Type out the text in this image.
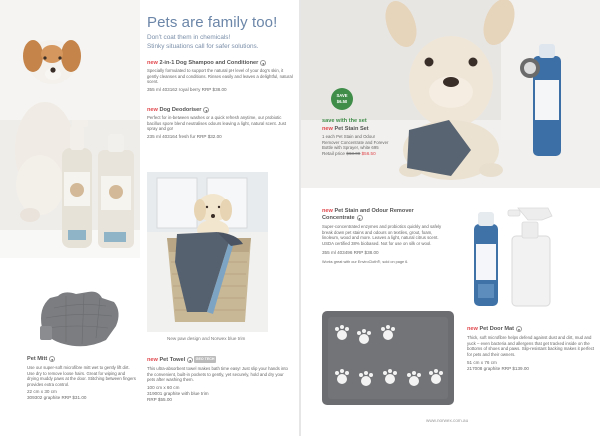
Pets are family too!
Don't coat them in chemicals!
Stinky situations call for safer solutions.
new 2-in-1 Dog Shampoo and Conditioner ●
Specially formulated to support the natural pH level of your dog's skin, it gently cleanses and conditions. Rinses easily and leaves a delightful, natural scent.
355 ml 403162 royal berry RRP $38.00
new Dog Deodoriser ●
Perfect for in-between washes or a quick refresh anytime, our probiotic bacillus spore blend neutralises odours leaving a light, natural scent. Just spray and go!
235 ml 403164 fresh fur RRP $32.00
New paw design and Norwex blue trim
Pet Mitt ●
Use our super-soft microfibre mitt wet to gently lift dirt. Use dry to remove loose hairs. Great for wiping and drying muddy paws at the door. Stitching between fingers provides extra control.
22 cm x 30 cm
309302 graphite RRP $31.00
new Pet Towel ● GEO TECH
This ultra-absorbent towel makes bath time easy! Just slip your hands into the convenient, built-in pockets to gently, yet securely, hold and dry your pets after washing them.
100 cm x 60 cm
319001 graphite with blue trim
RRP $55.00
SAVE
$6.50
save with the set
new Pet Stain Set
1 each Pet Stain and Odour Remover Concentrate and Forever Bottle with Sprayer, white 695
Retail price $63.00 $56.50
new Pet Stain and Odour Remover Concentrate ●
Super-concentrated enzymes and probiotics quickly and safely break down pet stains and odours on textiles, grout, foam, linoleum, wood and more. Leaves a light, natural citrus scent. USDA certified 38% biobased. Not for use on silk or wool.
355 ml 403496 RRP $38.00
Works great with our EnviroCloth®, sold on page 6.
new Pet Door Mat ●
Thick, soft microfibre helps defend against dust and dirt, mud and yuck – even bacteria and allergens that get tracked inside on the bottoms of shoes and paws. Slip-resistant backing makes it perfect for pets and their owners.
51 cm x 76 cm
217008 graphite RRP $139.00
www.norwex.com.au
